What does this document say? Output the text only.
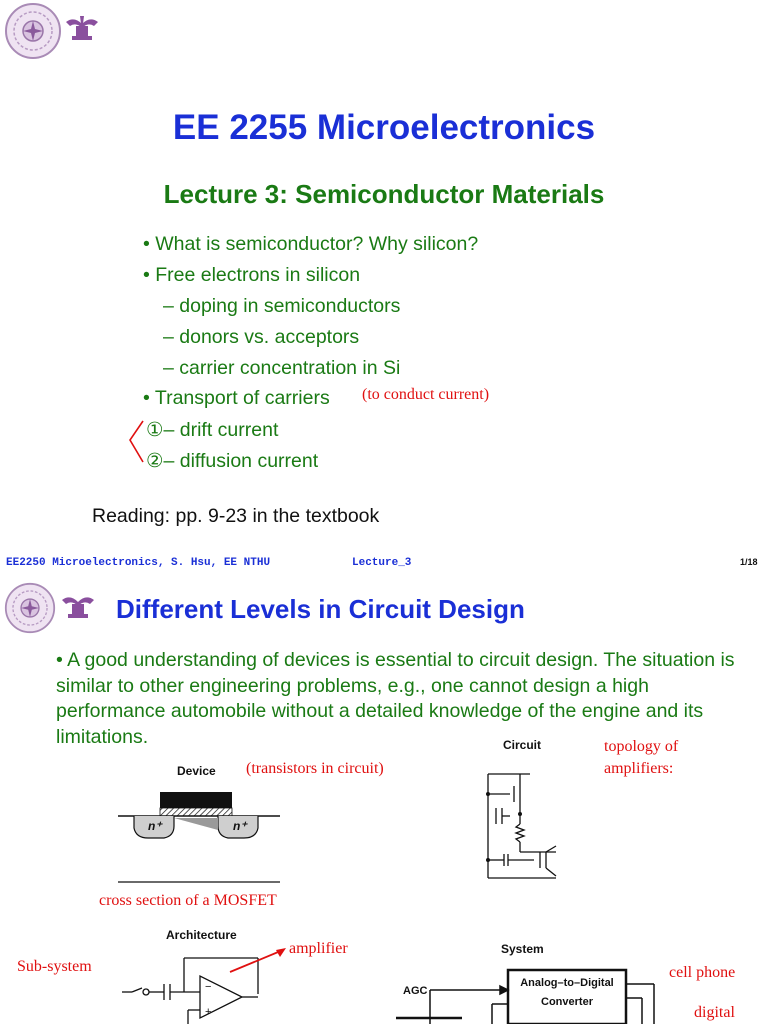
EE 2255 Microelectronics
Lecture 3: Semiconductor Materials
• What is semiconductor? Why silicon?
• Free electrons in silicon
– doping in semiconductors
– donors vs. acceptors
– carrier concentration in Si
• Transport of carriers (to conduct current)
①– drift current
②– diffusion current
Reading: pp. 9-23 in the textbook
EE2250 Microelectronics, S. Hsu, EE NTHU	Lecture_3	1/18
Different Levels in Circuit Design
• A good understanding of devices is essential to circuit design. The situation is similar to other engineering problems, e.g., one cannot design a high performance automobile without a detailed knowledge of the engine and its limitations.
Device (transistors in circuit)
n⁺	n⁺
cross section of a MOSFET
Circuit	topology of
amplifiers:
Architecture
Sub-system
amplifier
−
+
System
cell phone
digital
AGC
Analog–to–Digital
Converter
